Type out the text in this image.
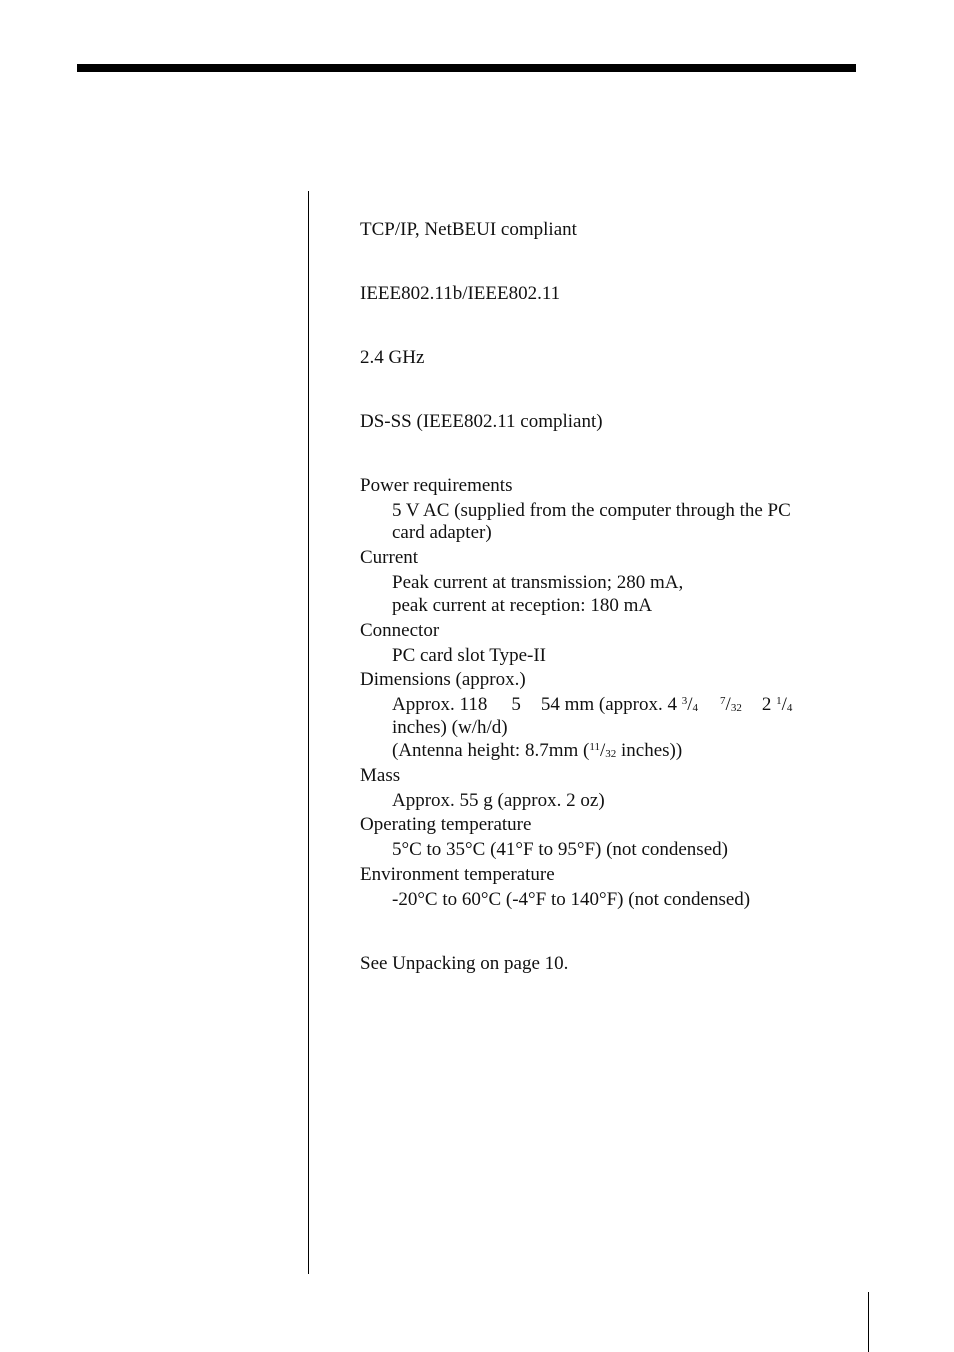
TCP/IP, NetBEUI compliant
IEEE802.11b/IEEE802.11
2.4 GHz
DS-SS (IEEE802.11 compliant)
Power requirements
5 V AC (supplied from the computer through the PC
card adapter)
Current
Peak current at transmission; 280 mA,
peak current at reception: 180 mA
Connector
PC card slot Type-II
Dimensions (approx.)
Approx. 118 5 54 mm (approx. 4 $^3/_4^7/_{32}$ 2 $^1/_4$
inches) (w/h/d)
(Antenna height: 8.7mm ($^{11}/_{32}$ inches))
Mass
Approx. 55 g (approx. 2 oz)
Operating temperature
5°C to 35°C (41°F to 95°F) (not condensed)
Environment temperature
-20°C to 60°C (-4°F to 140°F) (not condensed)
See Unpacking on page 10.
